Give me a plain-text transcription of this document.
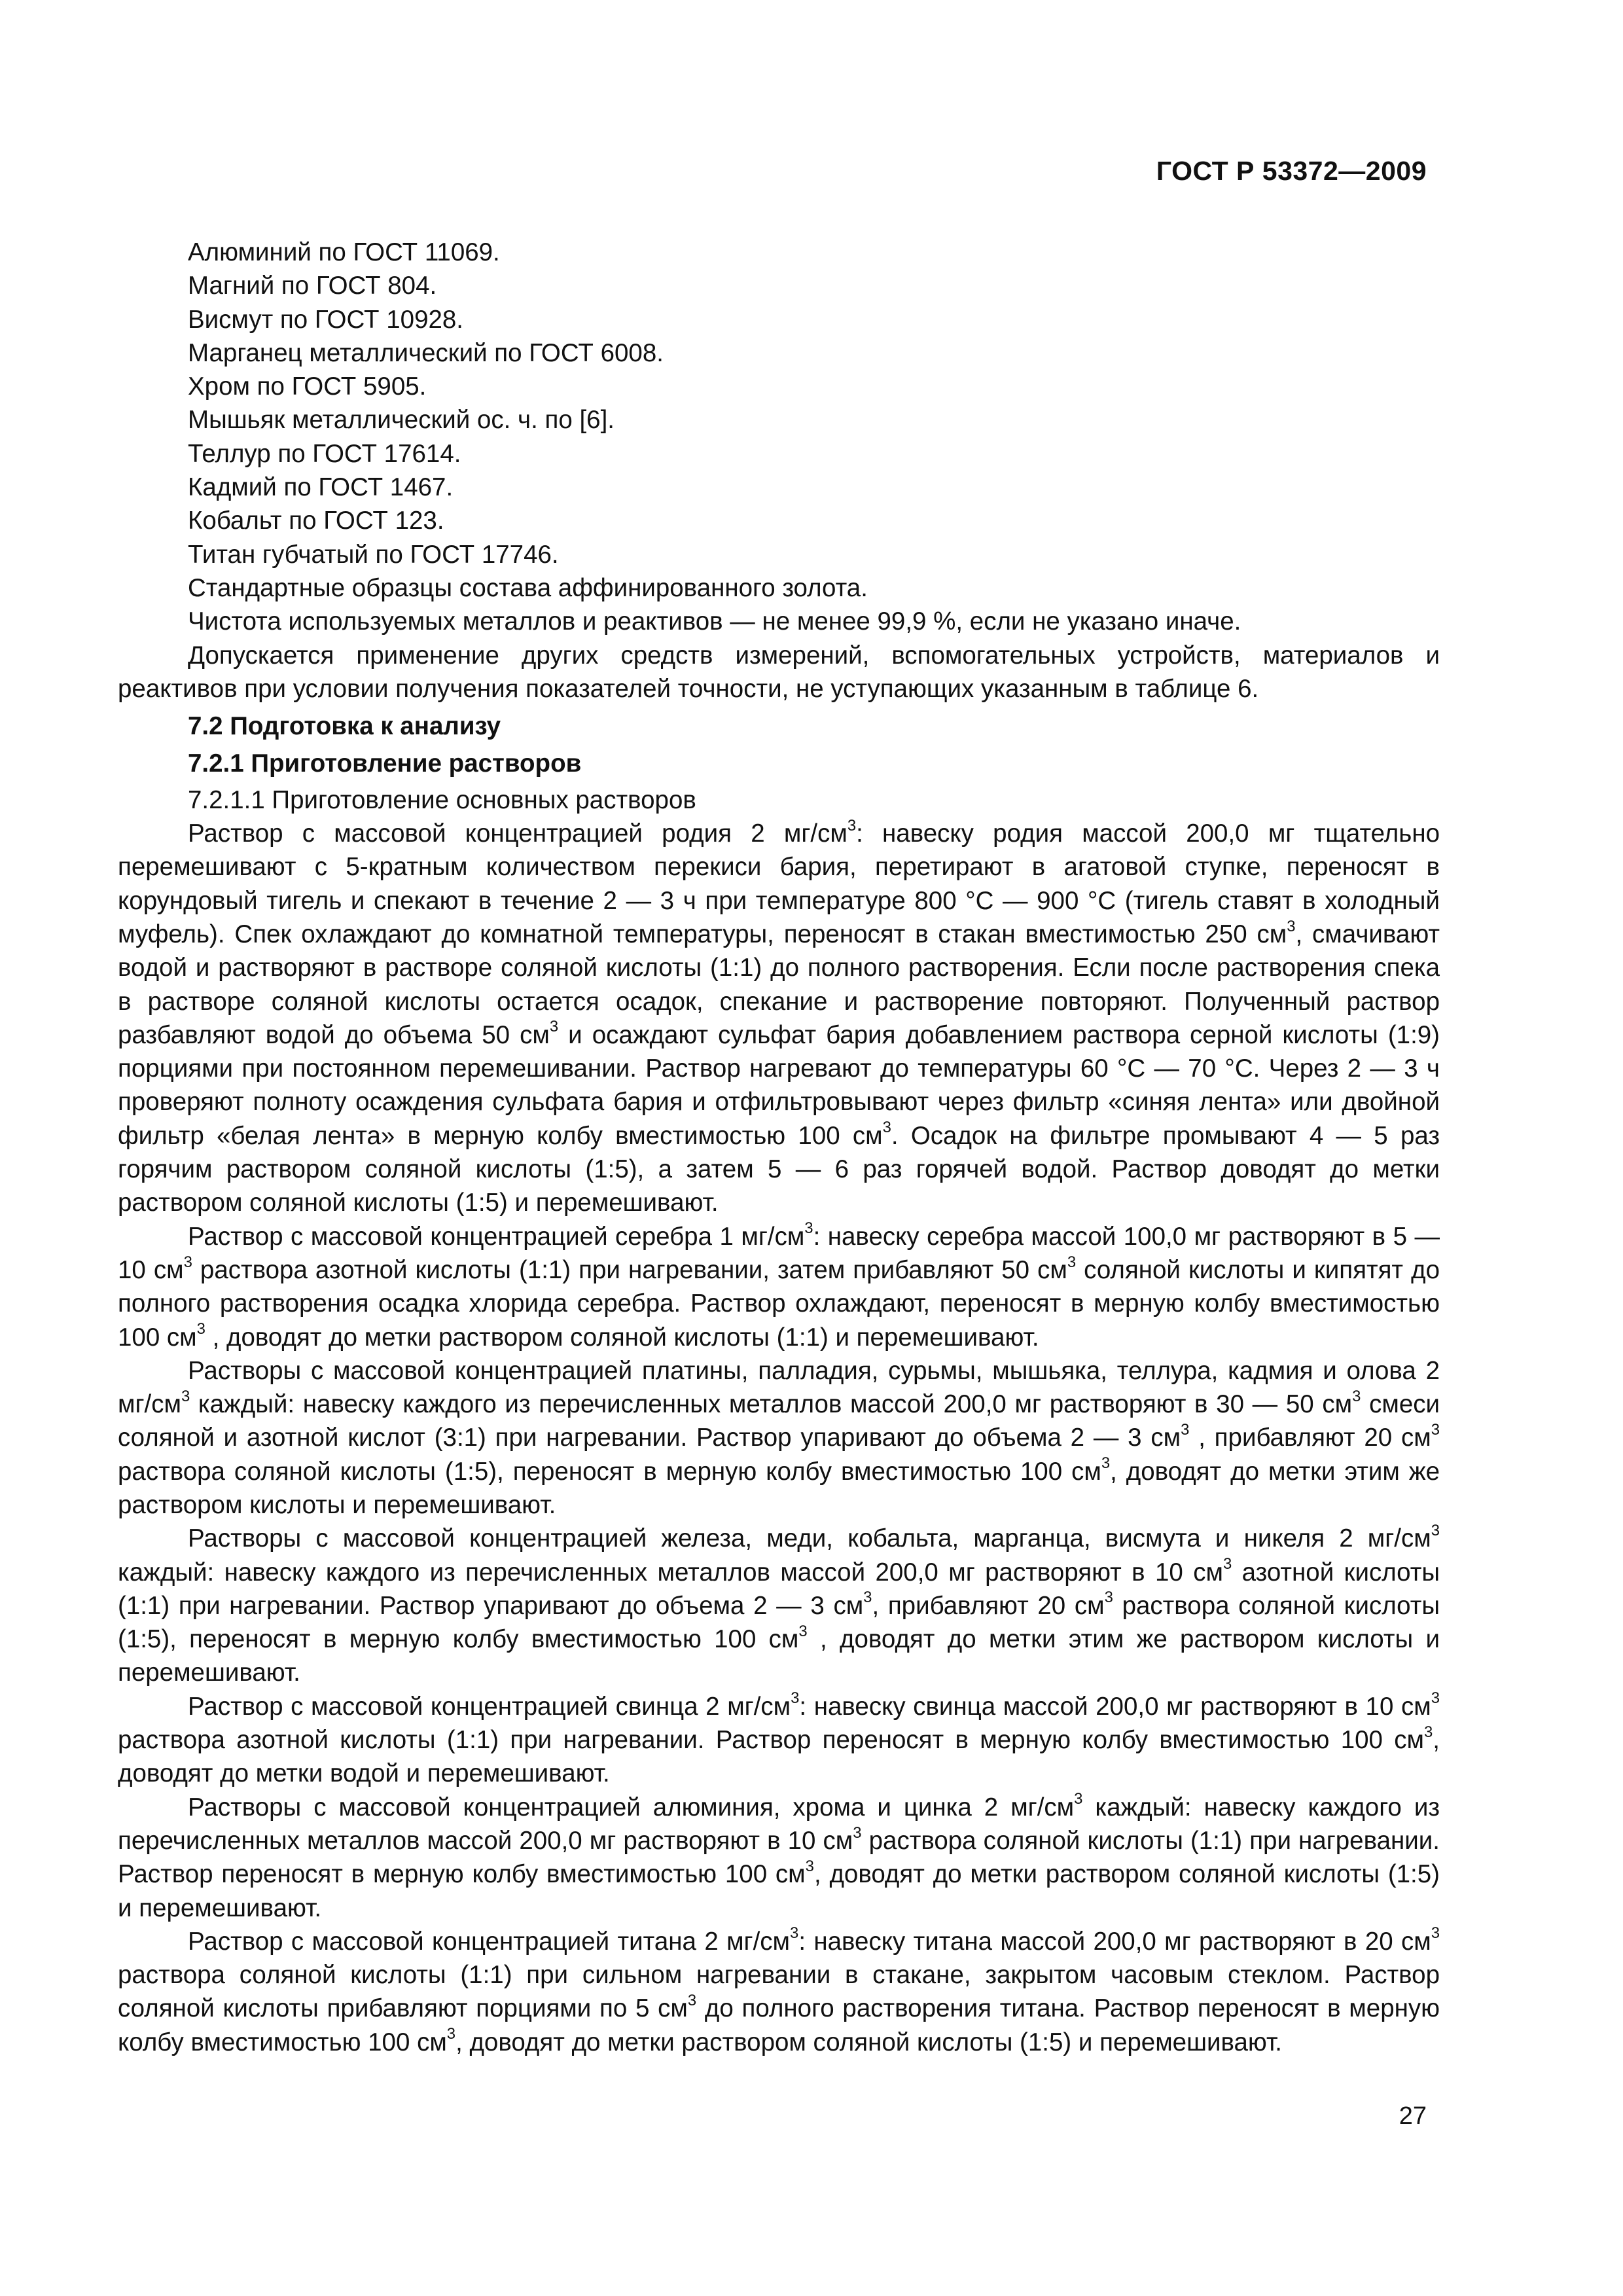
ГОСТ Р 53372—2009

Алюминий по ГОСТ 11069.

Магний по ГОСТ 804.

Висмут по ГОСТ 10928.

Марганец металлический по ГОСТ 6008.

Хром по ГОСТ 5905.

Мышьяк металлический ос. ч. по [6].

Теллур по ГОСТ 17614.

Кадмий по ГОСТ 1467.

Кобальт по ГОСТ 123.

Титан губчатый по ГОСТ 17746.

Стандартные образцы состава аффинированного золота.

Чистота используемых металлов и реактивов — не менее 99,9 %, если не указано иначе.

Допускается применение других средств измерений, вспомогательных устройств, материалов и реактивов при условии получения показателей точности, не уступающих указанным в таблице 6.

7.2 Подготовка к анализу

7.2.1 Приготовление растворов

7.2.1.1 Приготовление основных растворов

Раствор с массовой концентрацией родия 2 $мг/см^3$: навеску родия массой 200,0 мг тщательно перемешивают с 5-кратным количеством перекиси бария, перетирают в агатовой ступке, переносят в корундовый тигель и спекают в течение 2 — 3 ч при температуре 800 °С — 900 °С (тигель ставят в холодный муфель). Спек охлаждают до комнатной температуры, переносят в стакан вместимостью 250 $см^3$, смачивают водой и растворяют в растворе соляной кислоты (1:1) до полного растворения. Если после растворения спека в растворе соляной кислоты остается осадок, спекание и растворение повторяют. Полученный раствор разбавляют водой до объема 50 $см^3$ и осаждают сульфат бария добавлением раствора серной кислоты (1:9) порциями при постоянном перемешивании. Раствор нагревают до температуры 60 °С — 70 °С. Через 2 — 3 ч проверяют полноту осаждения сульфата бария и отфильтровывают через фильтр «синяя лента» или двойной фильтр «белая лента» в мерную колбу вместимостью 100 $см^3$. Осадок на фильтре промывают 4 — 5 раз горячим раствором соляной кислоты (1:5), а затем 5 — 6 раз горячей водой. Раствор доводят до метки раствором соляной кислоты (1:5) и перемешивают.

Раствор с массовой концентрацией серебра 1 $мг/см^3$: навеску серебра массой 100,0 мг растворяют в 5 — 10 $см^3$ раствора азотной кислоты (1:1) при нагревании, затем прибавляют 50 $см^3$ соляной кислоты и кипятят до полного растворения осадка хлорида серебра. Раствор охлаждают, переносят в мерную колбу вместимостью 100 $см^3$ , доводят до метки раствором соляной кислоты (1:1) и перемешивают.

Растворы с массовой концентрацией платины, палладия, сурьмы, мышьяка, теллура, кадмия и олова 2 $мг/см^3$ каждый: навеску каждого из перечисленных металлов массой 200,0 мг растворяют в 30 — 50 $см^3$ смеси соляной и азотной кислот (3:1) при нагревании. Раствор упаривают до объема 2 — 3 $см^3$ , прибавляют 20 $см^3$ раствора соляной кислоты (1:5), переносят в мерную колбу вместимостью 100 $см^3$, доводят до метки этим же раствором кислоты и перемешивают.

Растворы с массовой концентрацией железа, меди, кобальта, марганца, висмута и никеля 2 $мг/см^3$ каждый: навеску каждого из перечисленных металлов массой 200,0 мг растворяют в 10 $см^3$ азотной кислоты (1:1) при нагревании. Раствор упаривают до объема 2 — 3 $см^3$, прибавляют 20 $см^3$ раствора соляной кислоты (1:5), переносят в мерную колбу вместимостью 100 $см^3$ , доводят до метки этим же раствором кислоты и перемешивают.

Раствор с массовой концентрацией свинца 2 $мг/см^3$: навеску свинца массой 200,0 мг растворяют в 10 $см^3$ раствора азотной кислоты (1:1) при нагревании. Раствор переносят в мерную колбу вместимостью 100 $см^3$, доводят до метки водой и перемешивают.

Растворы с массовой концентрацией алюминия, хрома и цинка 2 $мг/см^3$ каждый: навеску каждого из перечисленных металлов массой 200,0 мг растворяют в 10 $см^3$ раствора соляной кислоты (1:1) при нагревании. Раствор переносят в мерную колбу вместимостью 100 $см^3$, доводят до метки раствором соляной кислоты (1:5) и перемешивают.

Раствор с массовой концентрацией титана 2 $мг/см^3$: навеску титана массой 200,0 мг растворяют в 20 $см^3$ раствора соляной кислоты (1:1) при сильном нагревании в стакане, закрытом часовым стеклом. Раствор соляной кислоты прибавляют порциями по 5 $см^3$ до полного растворения титана. Раствор переносят в мерную колбу вместимостью 100 $см^3$, доводят до метки раствором соляной кислоты (1:5) и перемешивают.

27
